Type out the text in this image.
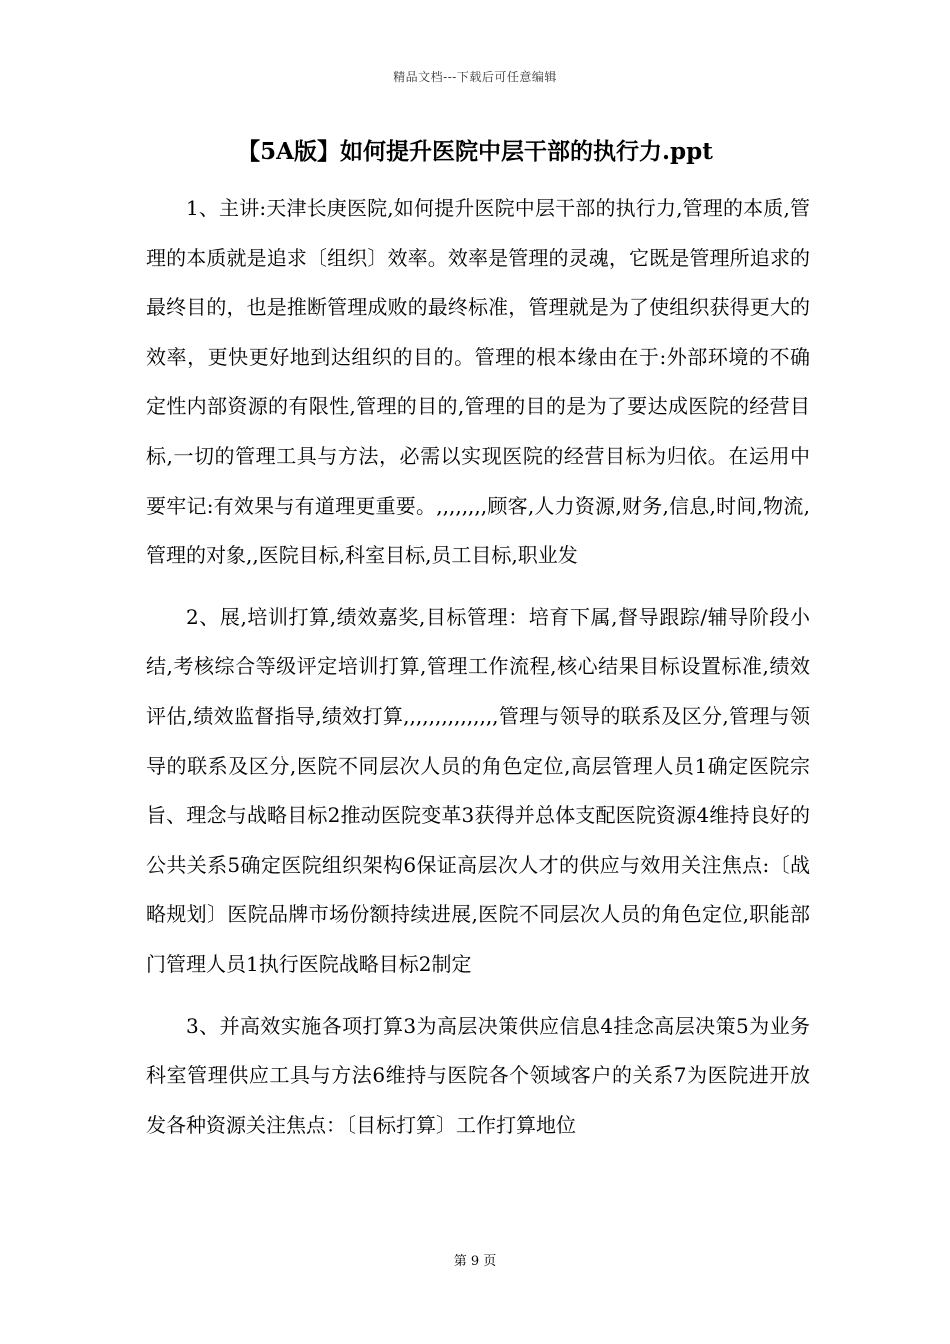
精品文档---下载后可任意编辑
【5A版】如何提升医院中层干部的执行力.ppt

1、主讲:天津长庚医院,如何提升医院中层干部的执行力,管理的本质,管理的本质就是追求〔组织〕效率。效率是管理的灵魂，它既是管理所追求的最终目的，也是推断管理成败的最终标准，管理就是为了使组织获得更大的效率，更快更好地到达组织的目的。管理的根本缘由在于:外部环境的不确定性内部资源的有限性,管理的目的,管理的目的是为了要达成医院的经营目标,一切的管理工具与方法，必需以实现医院的经营目标为归依。在运用中要牢记:有效果与有道理更重要。,,,,,,,,顾客,人力资源,财务,信息,时间,物流,管理的对象,,医院目标,科室目标,员工目标,职业发

2、展,培训打算,绩效嘉奖,目标管理：培育下属,督导跟踪/辅导阶段小结,考核综合等级评定培训打算,管理工作流程,核心结果目标设置标准,绩效评估,绩效监督指导,绩效打算,,,,,,,,,,,,,,,管理与领导的联系及区分,管理与领导的联系及区分,医院不同层次人员的角色定位,高层管理人员1确定医院宗旨、理念与战略目标2推动医院变革3获得并总体支配医院资源4维持良好的公共关系5确定医院组织架构6保证高层次人才的供应与效用关注焦点:〔战略规划〕医院品牌市场份额持续进展,医院不同层次人员的角色定位,职能部门管理人员1执行医院战略目标2制定

3、并高效实施各项打算3为高层决策供应信息4挂念高层决策5为业务科室管理供应工具与方法6维持与医院各个领域客户的关系7为医院进开放发各种资源关注焦点：〔目标打算〕工作打算地位

第 9 页
